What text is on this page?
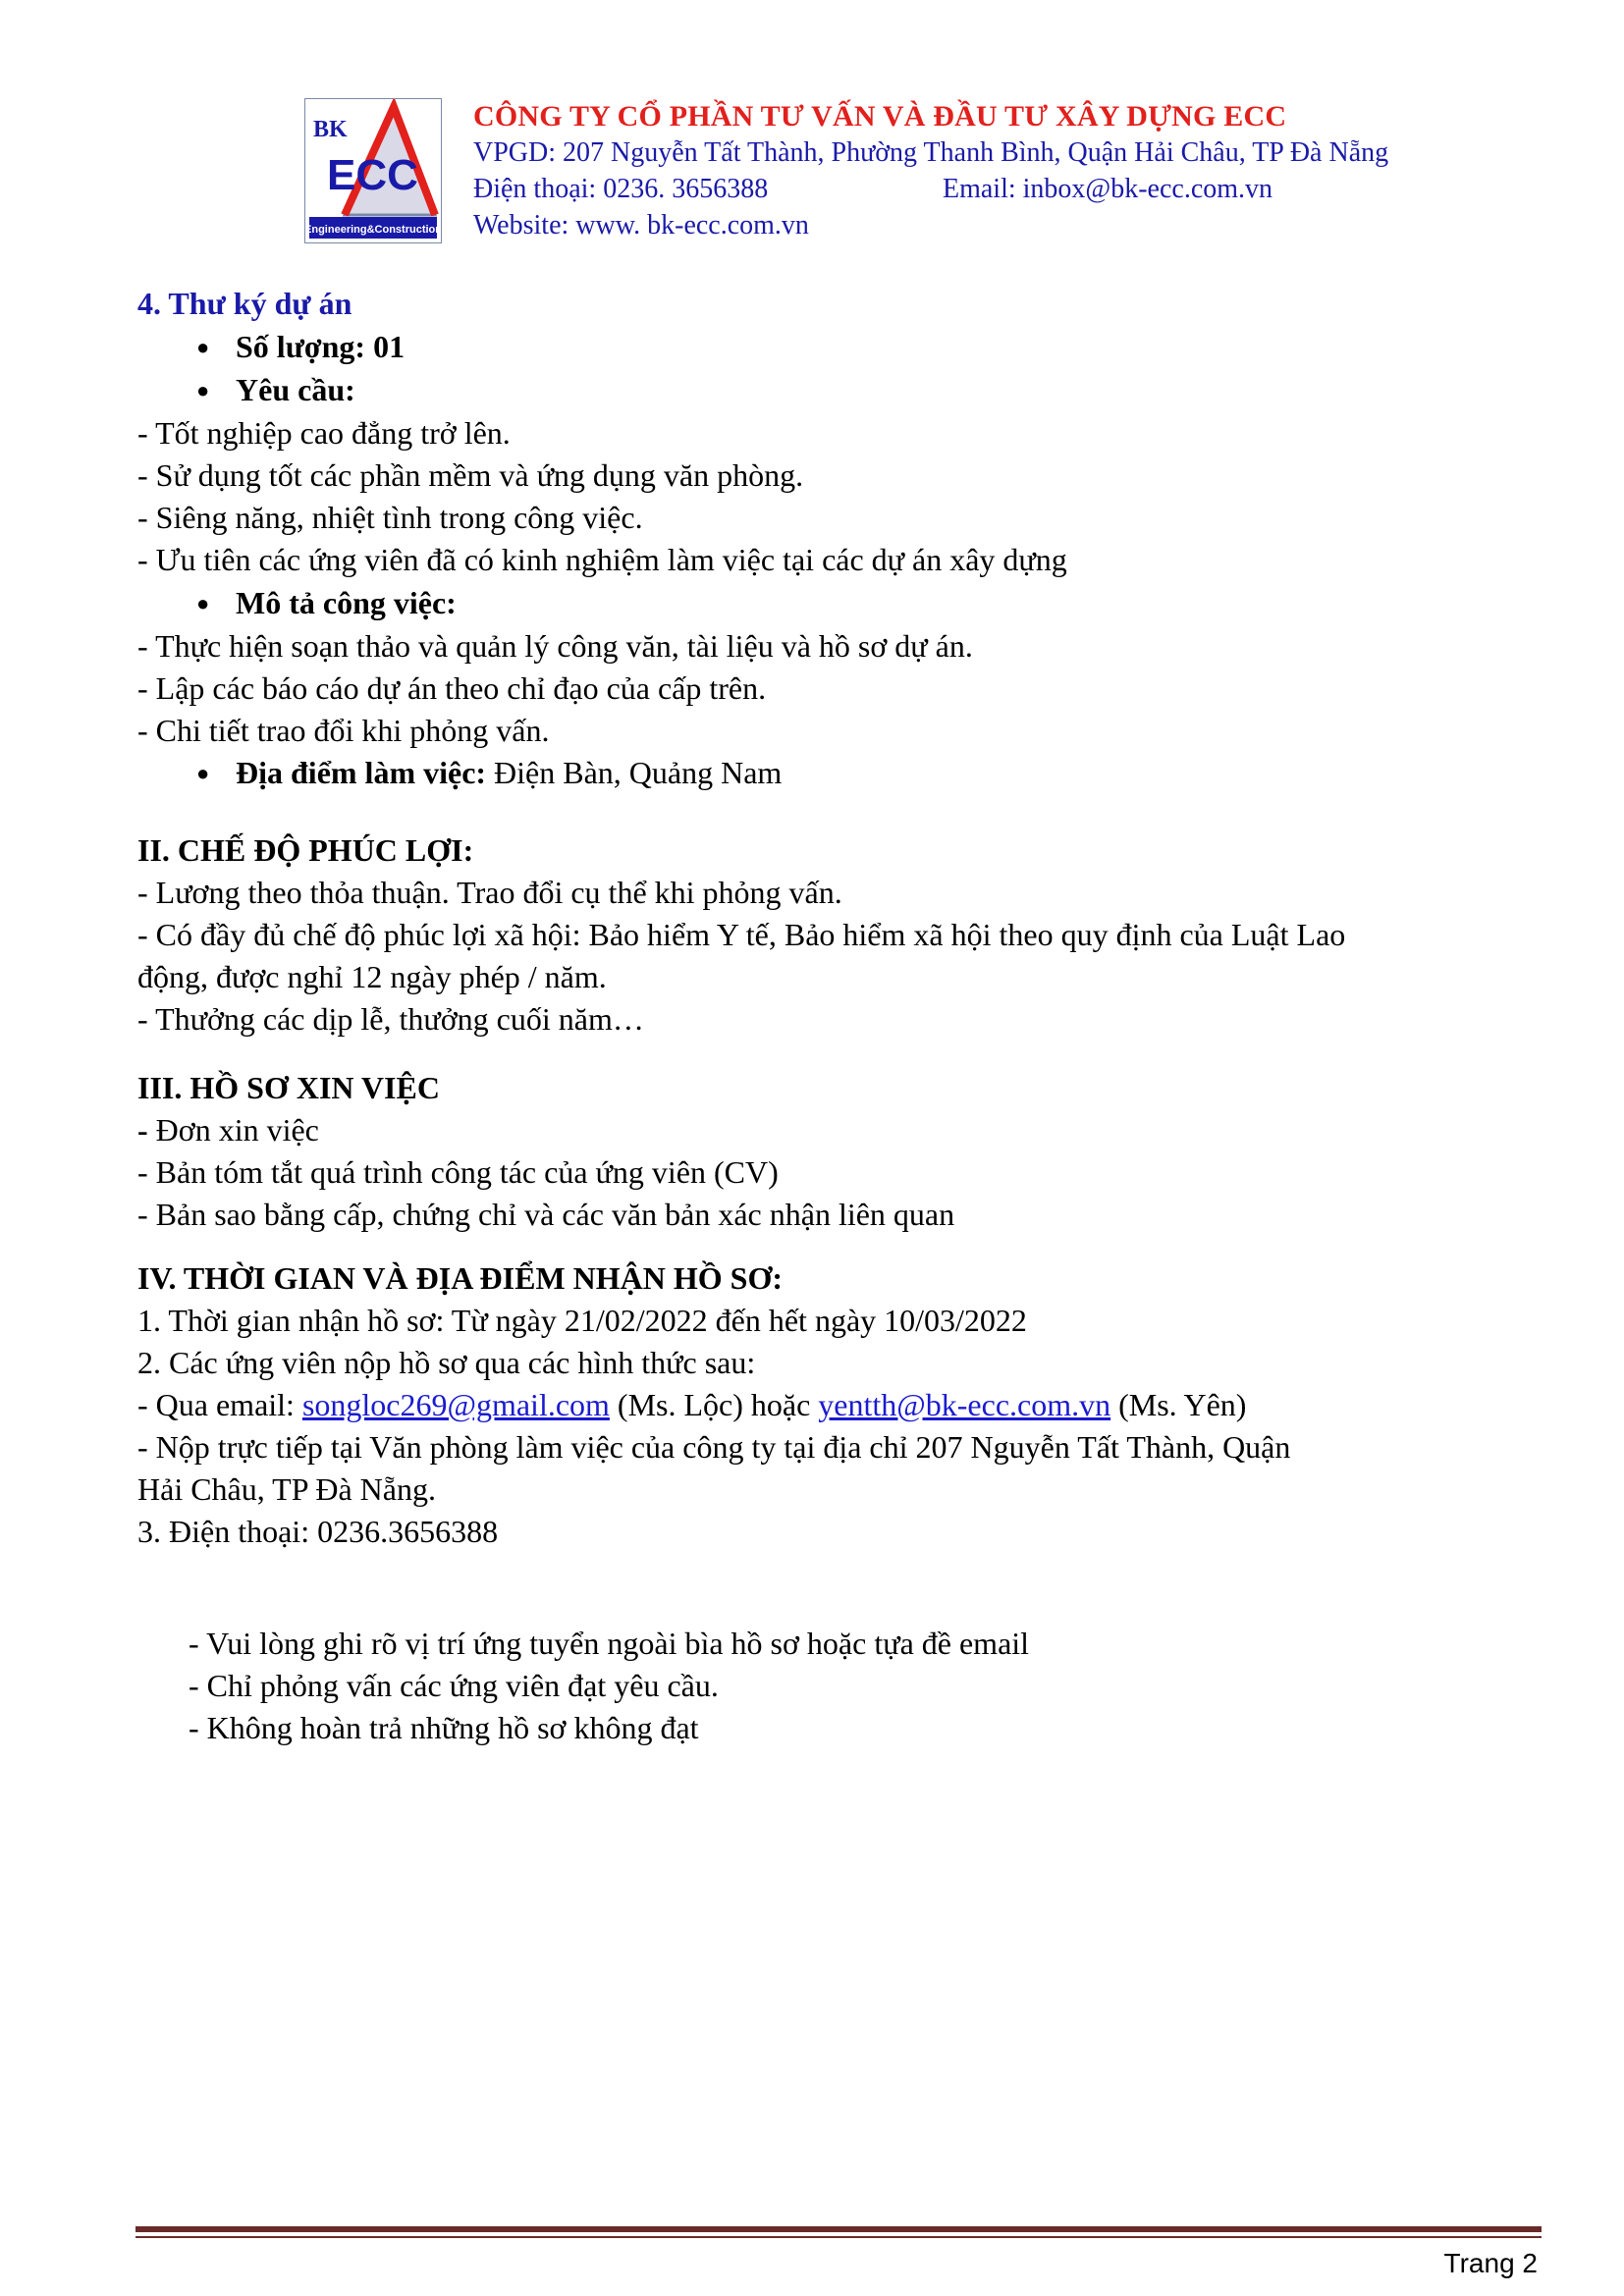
BK
ECC
Engineering&Construction
CÔNG TY CỔ PHẦN TƯ VẤN VÀ ĐẦU TƯ XÂY DỰNG ECC
VPGD: 207 Nguyễn Tất Thành, Phường Thanh Bình, Quận Hải Châu, TP Đà Nẵng
Điện thoại: 0236. 3656388	Email: inbox@bk-ecc.com.vn
Website: www. bk-ecc.com.vn
4. Thư ký dự án
● Số lượng: 01
● Yêu cầu:
- Tốt nghiệp cao đẳng trở lên.
- Sử dụng tốt các phần mềm và ứng dụng văn phòng.
- Siêng năng, nhiệt tình trong công việc.
- Ưu tiên các ứng viên đã có kinh nghiệm làm việc tại các dự án xây dựng
● Mô tả công việc:
- Thực hiện soạn thảo và quản lý công văn, tài liệu và hồ sơ dự án.
- Lập các báo cáo dự án theo chỉ đạo của cấp trên.
- Chi tiết trao đổi khi phỏng vấn.
● Địa điểm làm việc: Điện Bàn, Quảng Nam
II. CHẾ ĐỘ PHÚC LỢI:
- Lương theo thỏa thuận. Trao đổi cụ thể khi phỏng vấn.
- Có đầy đủ chế độ phúc lợi xã hội: Bảo hiểm Y tế, Bảo hiểm xã hội theo quy định của Luật Lao
động, được nghỉ 12 ngày phép / năm.
- Thưởng các dịp lễ, thưởng cuối năm…
III. HỒ SƠ XIN VIỆC
- Đơn xin việc
- Bản tóm tắt quá trình công tác của ứng viên (CV)
- Bản sao bằng cấp, chứng chỉ và các văn bản xác nhận liên quan
IV. THỜI GIAN VÀ ĐỊA ĐIỂM NHẬN HỒ SƠ:
1. Thời gian nhận hồ sơ: Từ ngày 21/02/2022 đến hết ngày 10/03/2022
2. Các ứng viên nộp hồ sơ qua các hình thức sau:
- Qua email: songloc269@gmail.com (Ms. Lộc) hoặc yentth@bk-ecc.com.vn (Ms. Yên)
- Nộp trực tiếp tại Văn phòng làm việc của công ty tại địa chỉ 207 Nguyễn Tất Thành, Quận
Hải Châu, TP Đà Nẵng.
3. Điện thoại: 0236.3656388
- Vui lòng ghi rõ vị trí ứng tuyển ngoài bìa hồ sơ hoặc tựa đề email
- Chỉ phỏng vấn các ứng viên đạt yêu cầu.
- Không hoàn trả những hồ sơ không đạt
Trang 2
